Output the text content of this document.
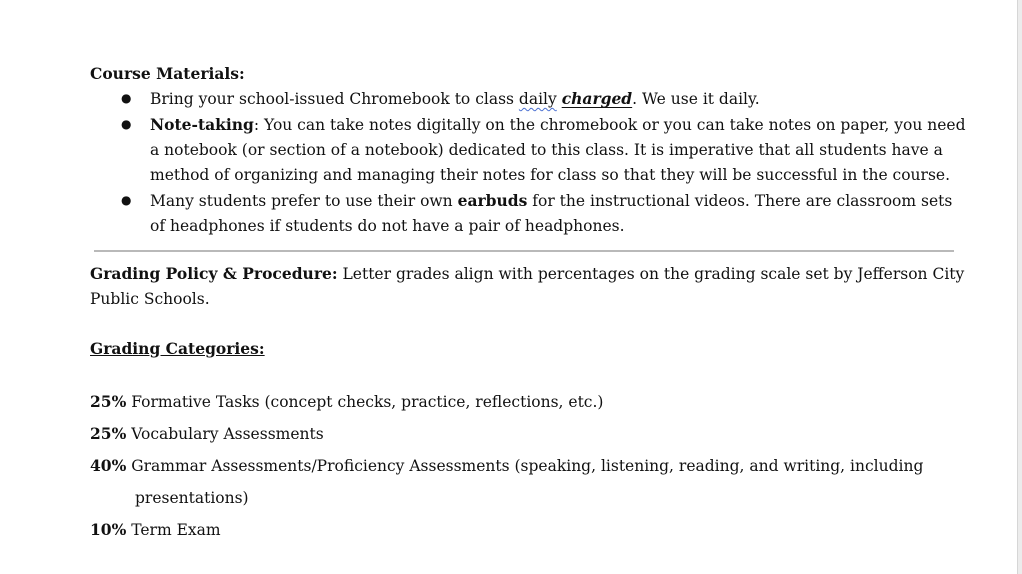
Course Materials:
● Bring your school-issued Chromebook to class daily charged. We use it daily.
● Note-taking: You can take notes digitally on the chromebook or you can take notes on paper, you need a notebook (or section of a notebook) dedicated to this class. It is imperative that all students have a method of organizing and managing their notes for class so that they will be successful in the course.
● Many students prefer to use their own earbuds for the instructional videos. There are classroom sets of headphones if students do not have a pair of headphones.
Grading Policy & Procedure: Letter grades align with percentages on the grading scale set by Jefferson City Public Schools.
Grading Categories:
25% Formative Tasks (concept checks, practice, reflections, etc.)
25% Vocabulary Assessments
40% Grammar Assessments/Proficiency Assessments (speaking, listening, reading, and writing, including presentations)
10% Term Exam
